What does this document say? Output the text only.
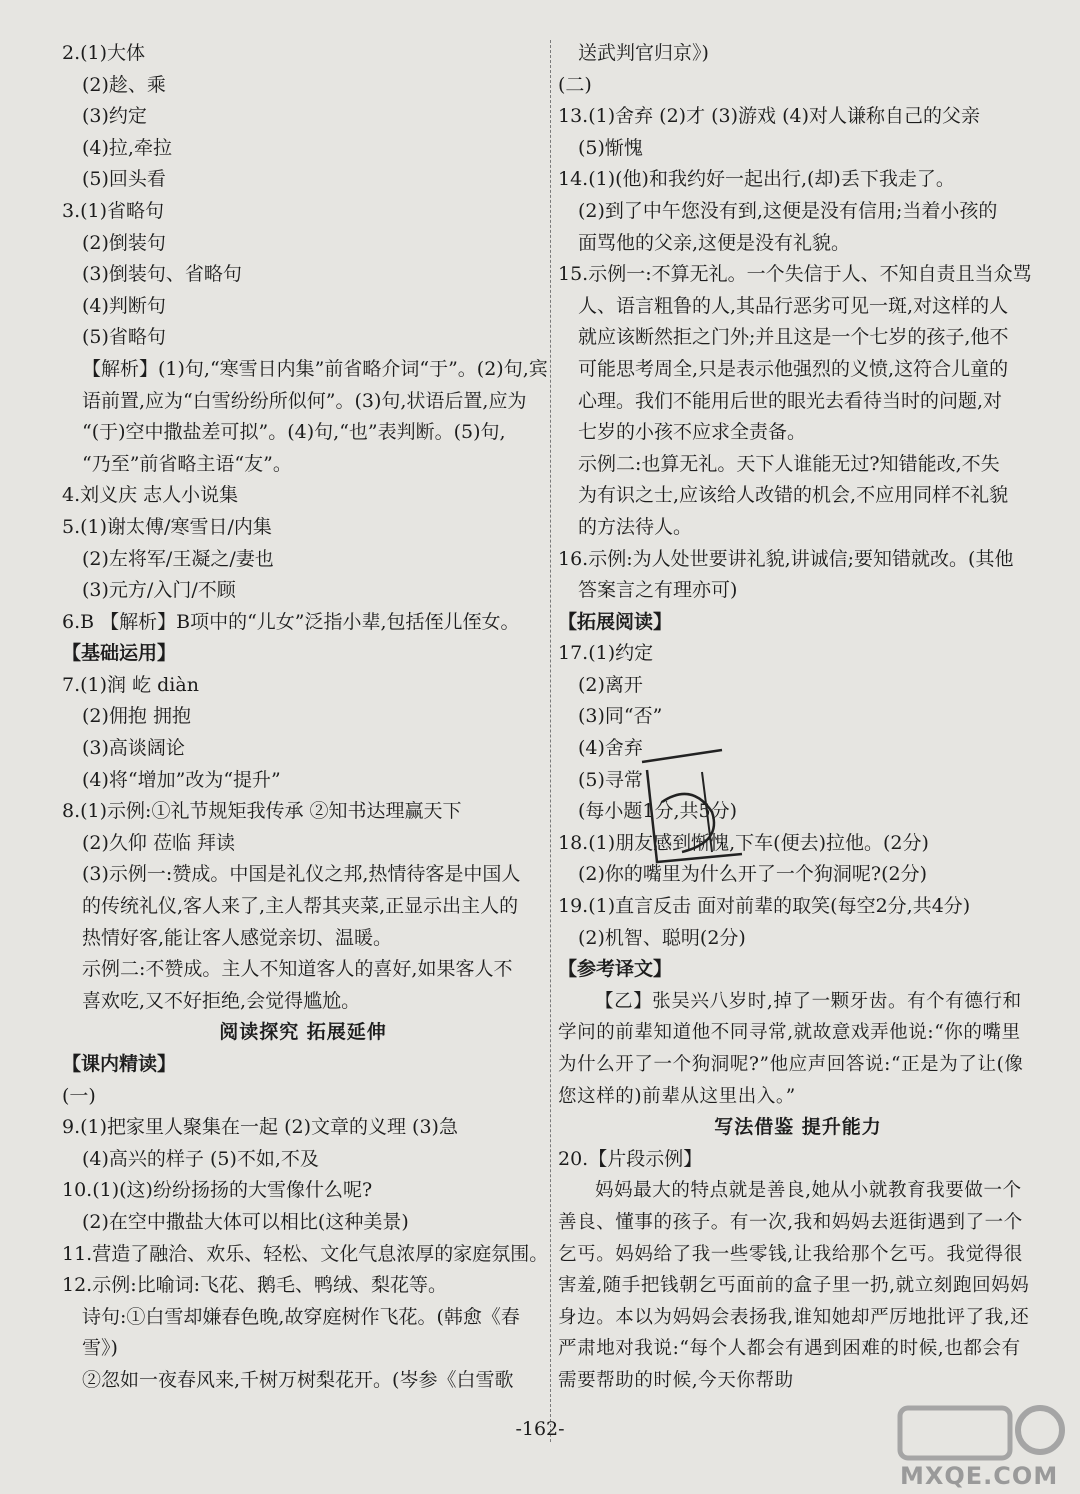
2.(1)大体
(2)趁、乘
(3)约定
(4)拉,牵拉
(5)回头看
3.(1)省略句
(2)倒装句
(3)倒装句、省略句
(4)判断句
(5)省略句
【解析】(1)句,“寒雪日内集”前省略介词“于”。(2)句,宾
语前置,应为“白雪纷纷所似何”。(3)句,状语后置,应为
“(于)空中撒盐差可拟”。(4)句,“也”表判断。(5)句,
“乃至”前省略主语“友”。
4.刘义庆 志人小说集
5.(1)谢太傅/寒雪日/内集
(2)左将军/王凝之/妻也
(3)元方/入门/不顾
6.B 【解析】B项中的“儿女”泛指小辈,包括侄儿侄女。
【基础运用】
7.(1)润 屹 diàn
(2)佣抱 拥抱
(3)高谈阔论
(4)将“增加”改为“提升”
8.(1)示例:①礼节规矩我传承 ②知书达理赢天下
(2)久仰 莅临 拜读
(3)示例一:赞成。中国是礼仪之邦,热情待客是中国人
的传统礼仪,客人来了,主人帮其夹菜,正显示出主人的
热情好客,能让客人感觉亲切、温暖。
示例二:不赞成。主人不知道客人的喜好,如果客人不
喜欢吃,又不好拒绝,会觉得尴尬。
阅读探究 拓展延伸
【课内精读】
(一)
9.(1)把家里人聚集在一起 (2)文章的义理 (3)急
(4)高兴的样子 (5)不如,不及
10.(1)(这)纷纷扬扬的大雪像什么呢?
(2)在空中撒盐大体可以相比(这种美景)
11.营造了融洽、欢乐、轻松、文化气息浓厚的家庭氛围。
12.示例:比喻词:飞花、鹅毛、鸭绒、梨花等。
诗句:①白雪却嫌春色晚,故穿庭树作飞花。(韩愈《春
雪》)
②忽如一夜春风来,千树万树梨花开。(岑参《白雪歌
送武判官归京》)
(二)
13.(1)舍弃 (2)才 (3)游戏 (4)对人谦称自己的父亲
(5)惭愧
14.(1)(他)和我约好一起出行,(却)丢下我走了。
(2)到了中午您没有到,这便是没有信用;当着小孩的
面骂他的父亲,这便是没有礼貌。
15.示例一:不算无礼。一个失信于人、不知自责且当众骂
人、语言粗鲁的人,其品行恶劣可见一斑,对这样的人
就应该断然拒之门外;并且这是一个七岁的孩子,他不
可能思考周全,只是表示他强烈的义愤,这符合儿童的
心理。我们不能用后世的眼光去看待当时的问题,对
七岁的小孩不应求全责备。
示例二:也算无礼。天下人谁能无过?知错能改,不失
为有识之士,应该给人改错的机会,不应用同样不礼貌
的方法待人。
16.示例:为人处世要讲礼貌,讲诚信;要知错就改。(其他
答案言之有理亦可)
【拓展阅读】
17.(1)约定
(2)离开
(3)同“否”
(4)舍弃
(5)寻常
(每小题1分,共5分)
18.(1)朋友感到惭愧,下车(便去)拉他。(2分)
(2)你的嘴里为什么开了一个狗洞呢?(2分)
19.(1)直言反击 面对前辈的取笑(每空2分,共4分)
(2)机智、聪明(2分)
【参考译文】
【乙】张吴兴八岁时,掉了一颗牙齿。有个有德行和学问的前辈知道他不同寻常,就故意戏弄他说:“你的嘴里为什么开了一个狗洞呢?”他应声回答说:“正是为了让(像您这样的)前辈从这里出入。”
写法借鉴 提升能力
20.【片段示例】
妈妈最大的特点就是善良,她从小就教育我要做一个善良、懂事的孩子。有一次,我和妈妈去逛街遇到了一个乞丐。妈妈给了我一些零钱,让我给那个乞丐。我觉得很害羞,随手把钱朝乞丐面前的盒子里一扔,就立刻跑回妈妈身边。本以为妈妈会表扬我,谁知她却严厉地批评了我,还严肃地对我说:“每个人都会有遇到困难的时候,也都会有需要帮助的时候,今天你帮助
MXQE.COM
-162-
